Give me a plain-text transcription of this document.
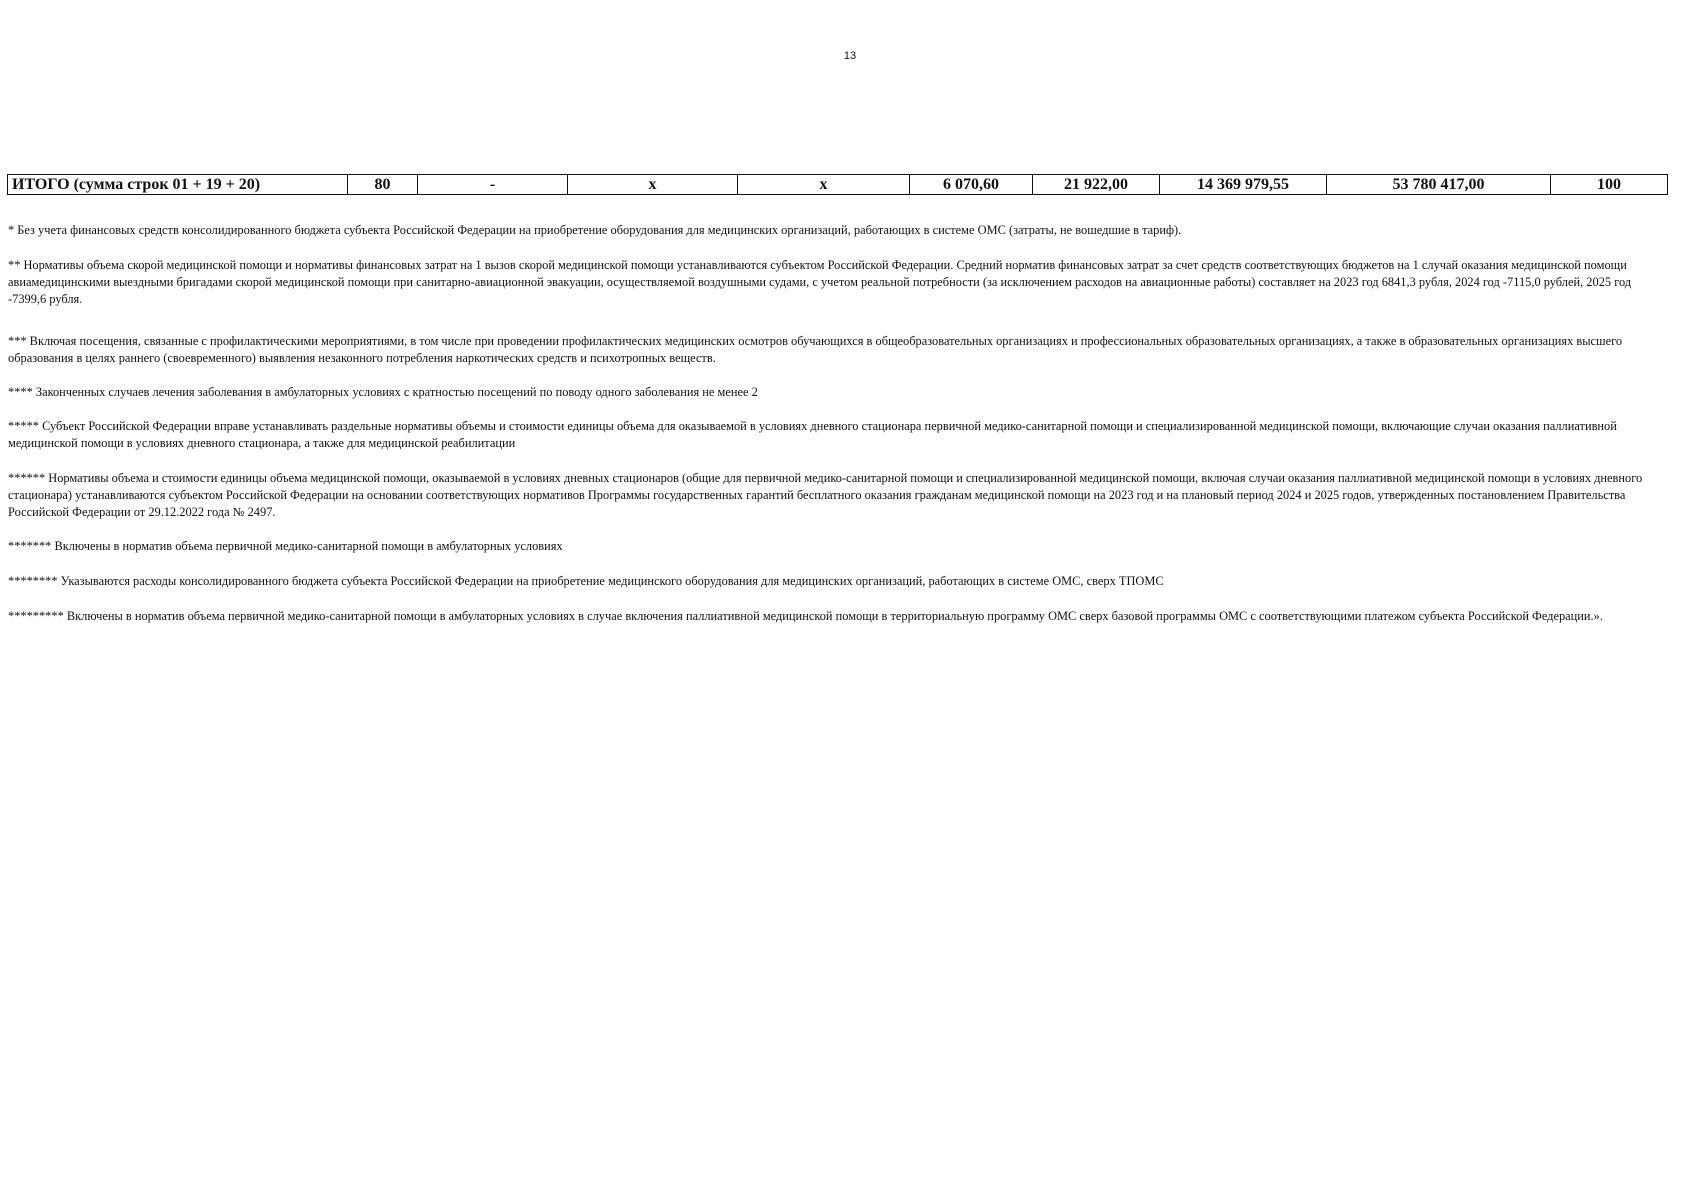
13
ИТОГО (сумма строк 01 + 19 + 20)	80	-	х	х	6 070,60	21 922,00	14 369 979,55	53 780 417,00	100

* Без учета финансовых средств консолидированного бюджета субъекта Российской Федерации на приобретение оборудования для медицинских организаций, работающих в системе ОМС (затраты, не вошедшие в тариф).

** Нормативы объема скорой медицинской помощи и нормативы финансовых затрат на 1 вызов скорой медицинской помощи устанавливаются субъектом Российской Федерации. Средний норматив финансовых затрат за счет средств соответствующих бюджетов на 1 случай оказания медицинской помощи авиамедицинскими выездными бригадами скорой медицинской помощи при санитарно-авиационной эвакуации, осуществляемой воздушными судами, с учетом реальной потребности (за исключением расходов на авиационные работы) составляет на 2023 год 6841,3 рубля, 2024 год -7115,0 рублей, 2025 год -7399,6 рубля.

*** Включая посещения, связанные с профилактическими мероприятиями, в том числе при проведении профилактических медицинских осмотров обучающихся в общеобразовательных организациях и профессиональных образовательных организациях, а также в образовательных организациях высшего образования в целях раннего (своевременного) выявления незаконного потребления наркотических средств и психотропных веществ.

**** Законченных случаев лечения заболевания в амбулаторных условиях с кратностью посещений по поводу одного заболевания не менее 2

***** Субъект Российской Федерации вправе устанавливать раздельные нормативы объемы и стоимости единицы объема для оказываемой в условиях дневного стационара первичной медико-санитарной помощи и специализированной медицинской помощи, включающие случаи оказания паллиативной медицинской помощи в условиях дневного стационара, а также для медицинской реабилитации

****** Нормативы объема и стоимости единицы объема медицинской помощи, оказываемой в условиях дневных стационаров (общие для первичной медико-санитарной помощи и специализированной медицинской помощи, включая случаи оказания паллиативной медицинской помощи в условиях дневного стационара) устанавливаются субъектом Российской Федерации на основании соответствующих нормативов Программы государственных гарантий бесплатного оказания гражданам медицинской помощи на 2023 год и на плановый период 2024 и 2025 годов, утвержденных постановлением Правительства Российской Федерации от 29.12.2022 года № 2497.

******* Включены в норматив объема первичной медико-санитарной помощи в амбулаторных условиях

******** Указываются расходы консолидированного бюджета субъекта Российской Федерации на приобретение медицинского оборудования для медицинских организаций, работающих в системе ОМС, сверх ТПОМС

********* Включены в норматив объема первичной медико-санитарной помощи в амбулаторных условиях в случае включения паллиативной медицинской помощи в территориальную программу ОМС сверх базовой программы ОМС с соответствующими платежом субъекта Российской Федерации.».
